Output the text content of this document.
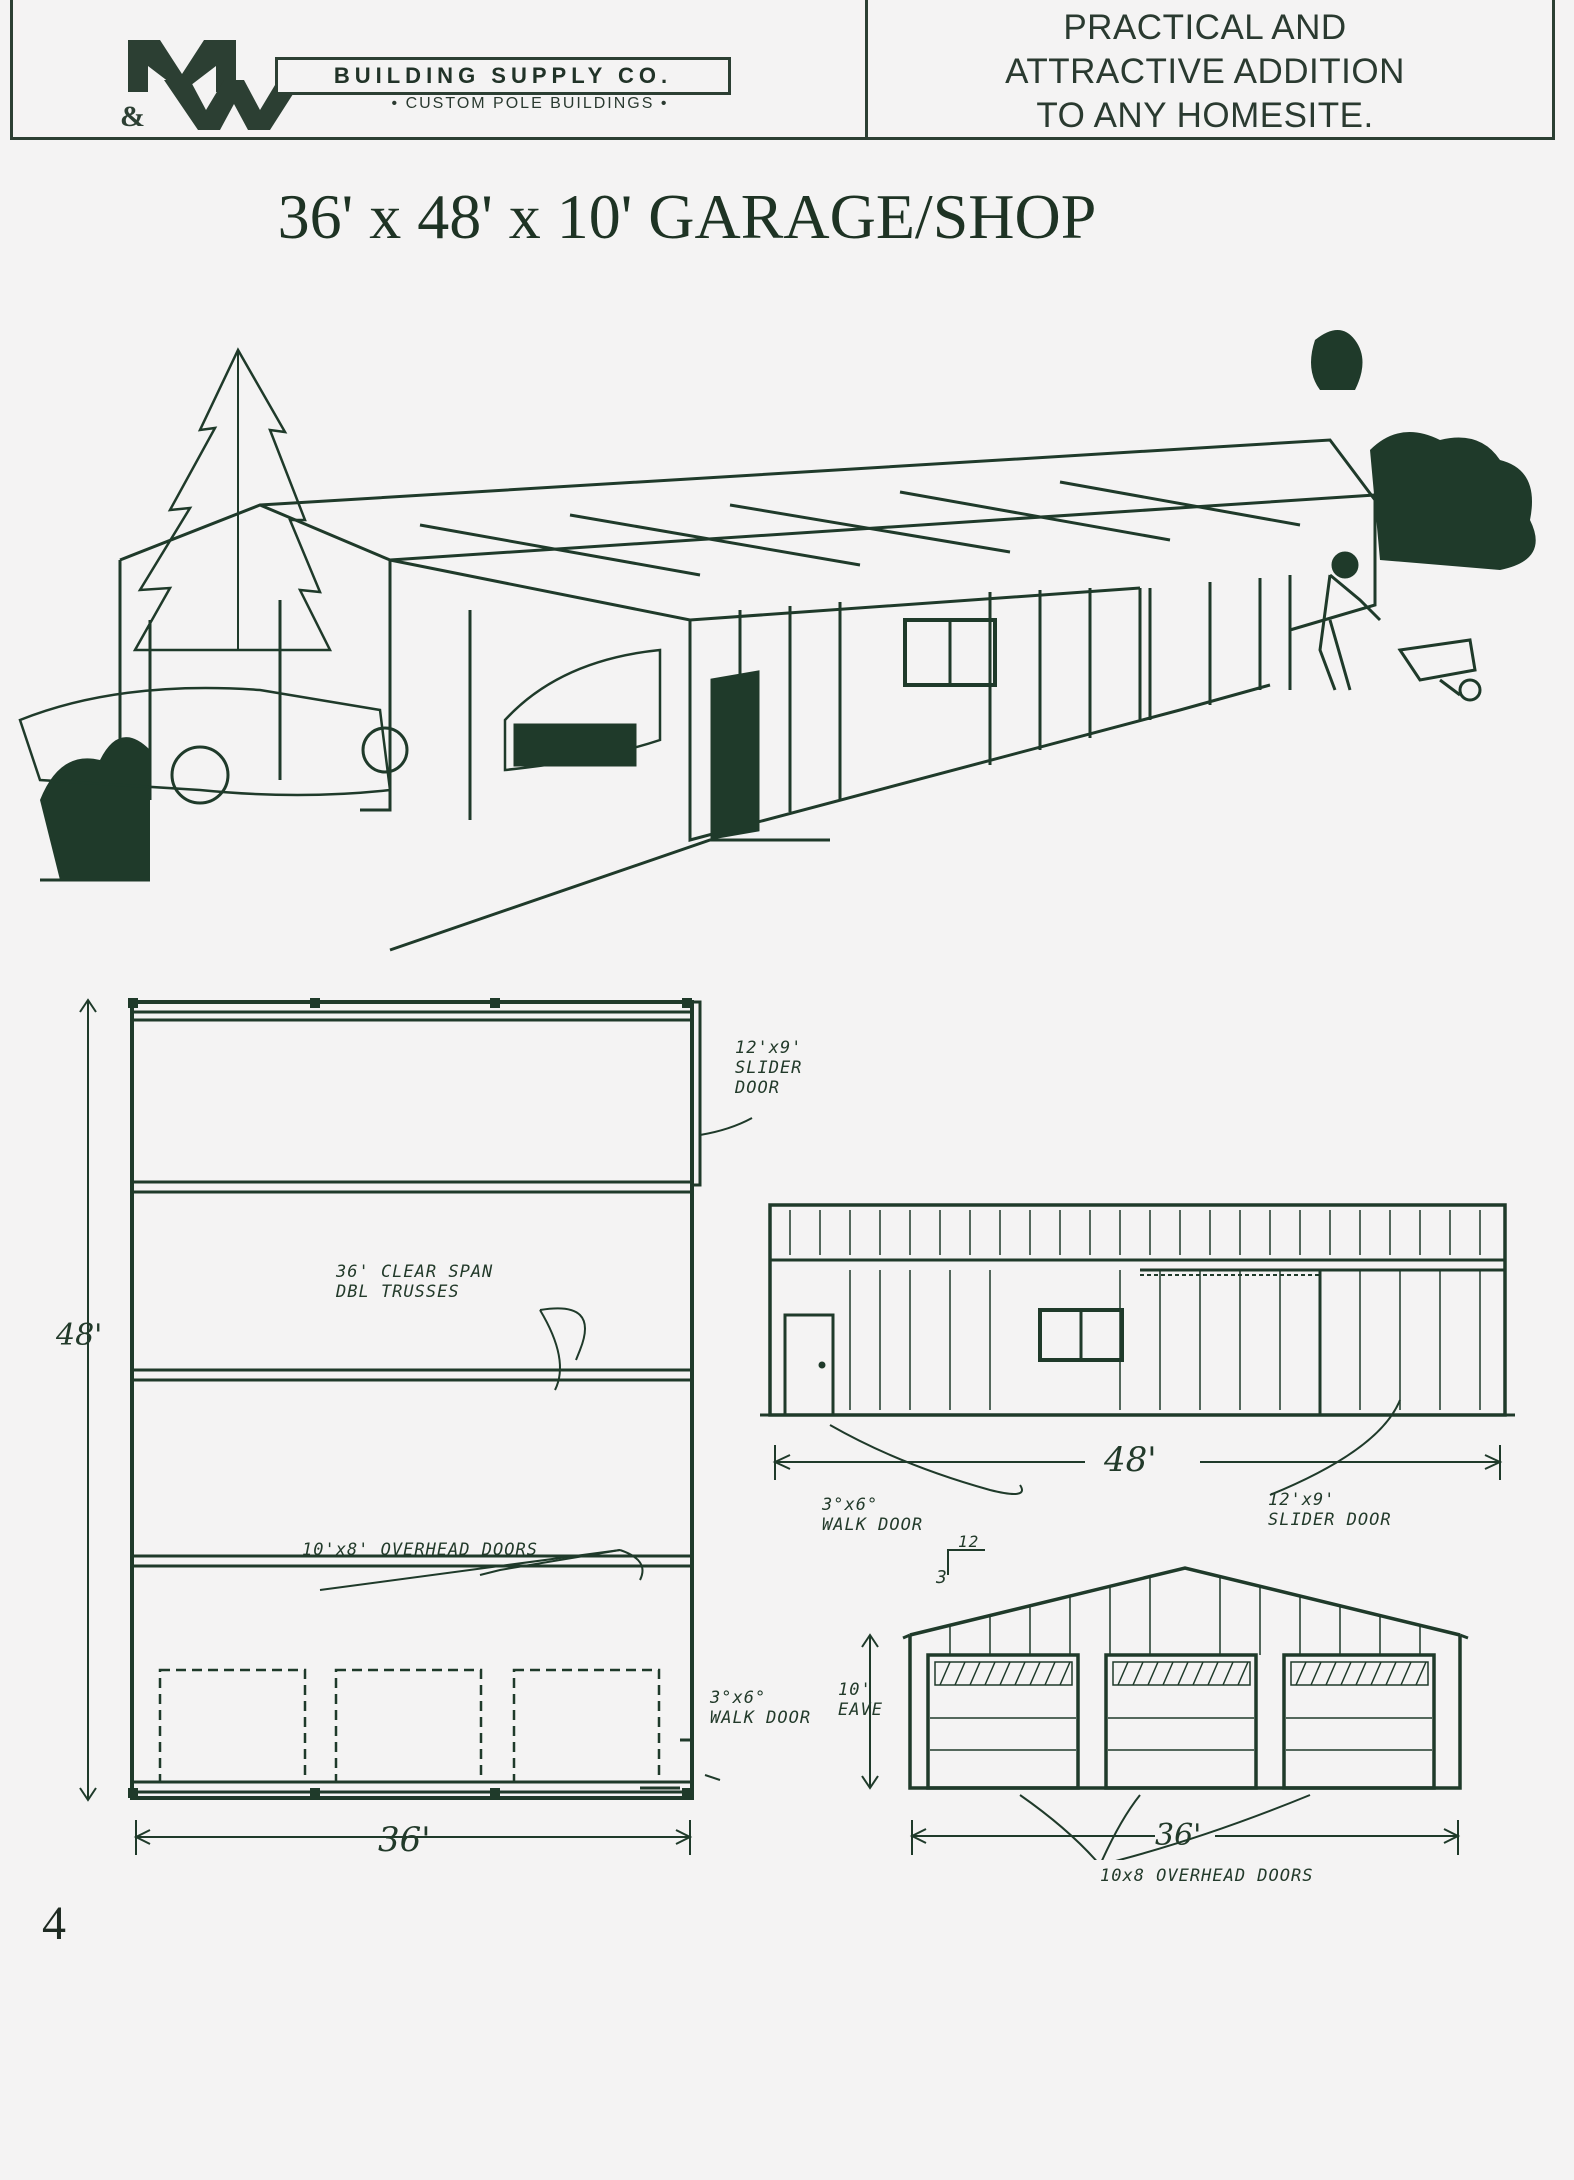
&
BUILDING SUPPLY CO.
• CUSTOM POLE BUILDINGS •
PRACTICAL AND
ATTRACTIVE ADDITION
TO ANY HOMESITE.
36' x 48' x 10' GARAGE/SHOP
48'
36'
12'x9'
SLIDER
DOOR
36' CLEAR SPAN
DBL TRUSSES
10'x8' OVERHEAD DOORS
3°x6°
WALK DOOR
48'
3°x6°
WALK DOOR
12'x9'
SLIDER DOOR
3
12
10'
EAVE
36'
10x8 OVERHEAD DOORS
4
